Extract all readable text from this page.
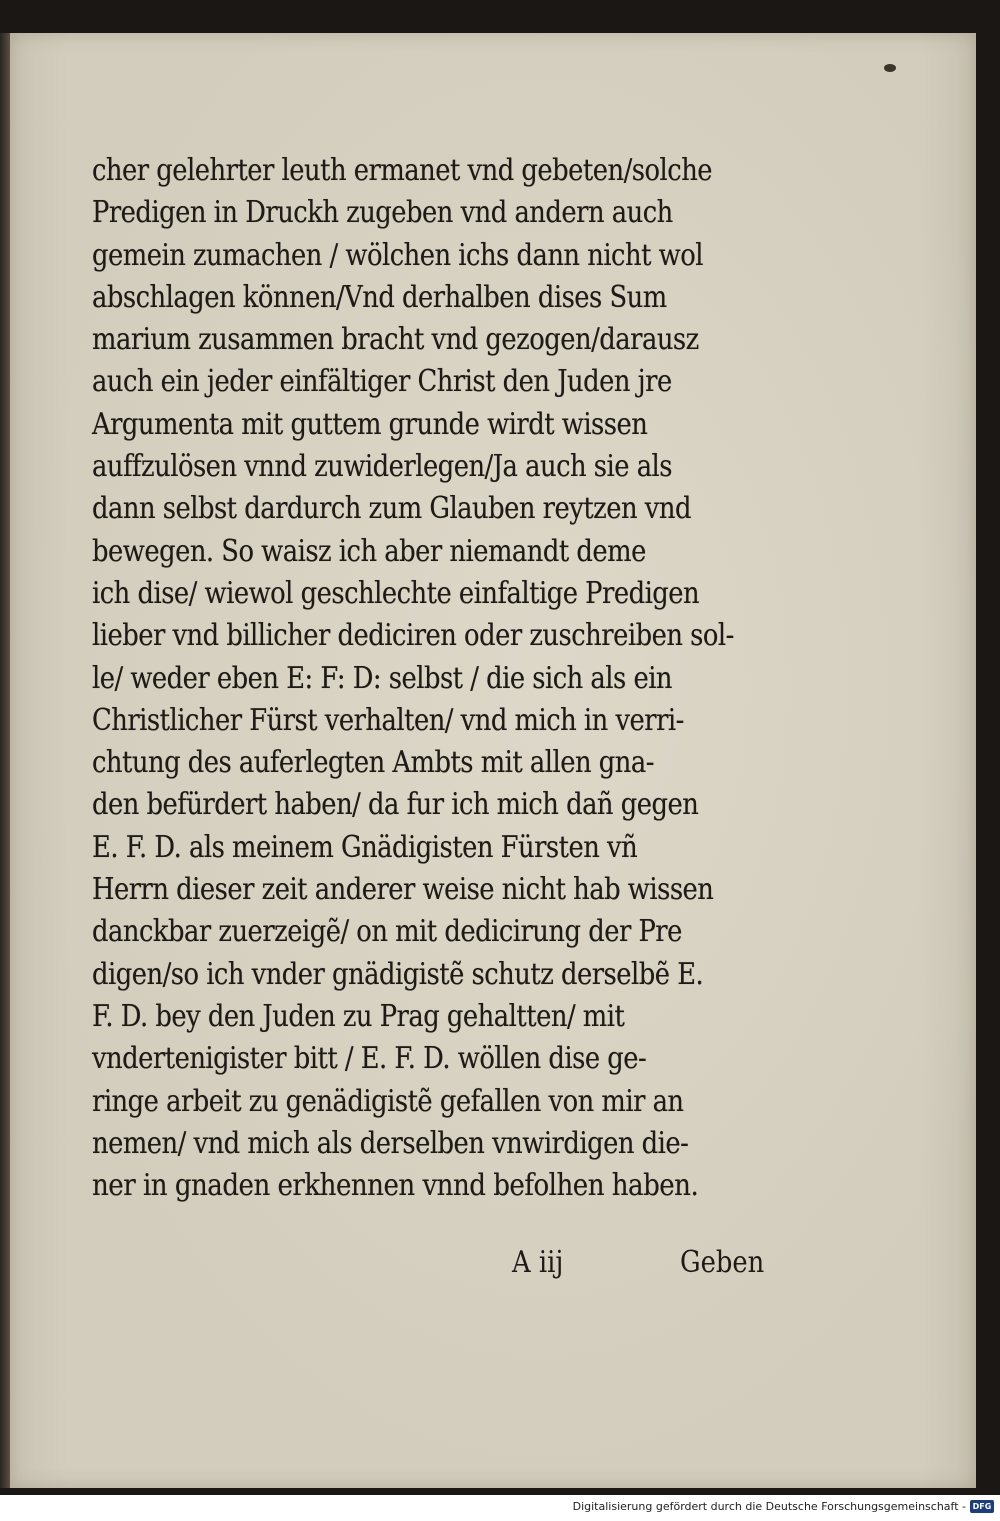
cher gelehrter leuth ermanet vnd gebeten/solche
Predigen in Druckh zugeben vnd andern auch
gemein zumachen / wölchen ichs dann nicht wol
abschlagen können/Vnd derhalben dises Sum
marium zusammen bracht vnd gezogen/darausz
auch ein jeder einfältiger Christ den Juden jre
Argumenta mit guttem grunde wirdt wissen
auffzulösen vnnd zuwiderlegen/Ja auch sie als
dann selbst dardurch zum Glauben reytzen vnd
bewegen. So waisz ich aber niemandt deme
ich dise/ wiewol geschlechte einfaltige Predigen
lieber vnd billicher dediciren oder zuschreiben sol-
le/ weder eben E: F: D: selbst / die sich als ein
Christlicher Fürst verhalten/ vnd mich in verri-
chtung des auferlegten Ambts mit allen gna-
den befürdert haben/ da fur ich mich dañ gegen
E. F. D. als meinem Gnädigisten Fürsten vñ
Herrn dieser zeit anderer weise nicht hab wissen
danckbar zuerzeigẽ/ on mit dedicirung der Pre
digen/so ich vnder gnädigistẽ schutz derselbẽ E.
F. D. bey den Juden zu Prag gehaltten/ mit
vndertenigister bitt / E. F. D. wöllen dise ge-
ringe arbeit zu genädigistẽ gefallen von mir an
nemen/ vnd mich als derselben vnwirdigen die-
ner in gnaden erkhennen vnnd befolhen haben.
A iij	Geben
Digitalisierung gefördert durch die Deutsche Forschungsgemeinschaft - DFG
